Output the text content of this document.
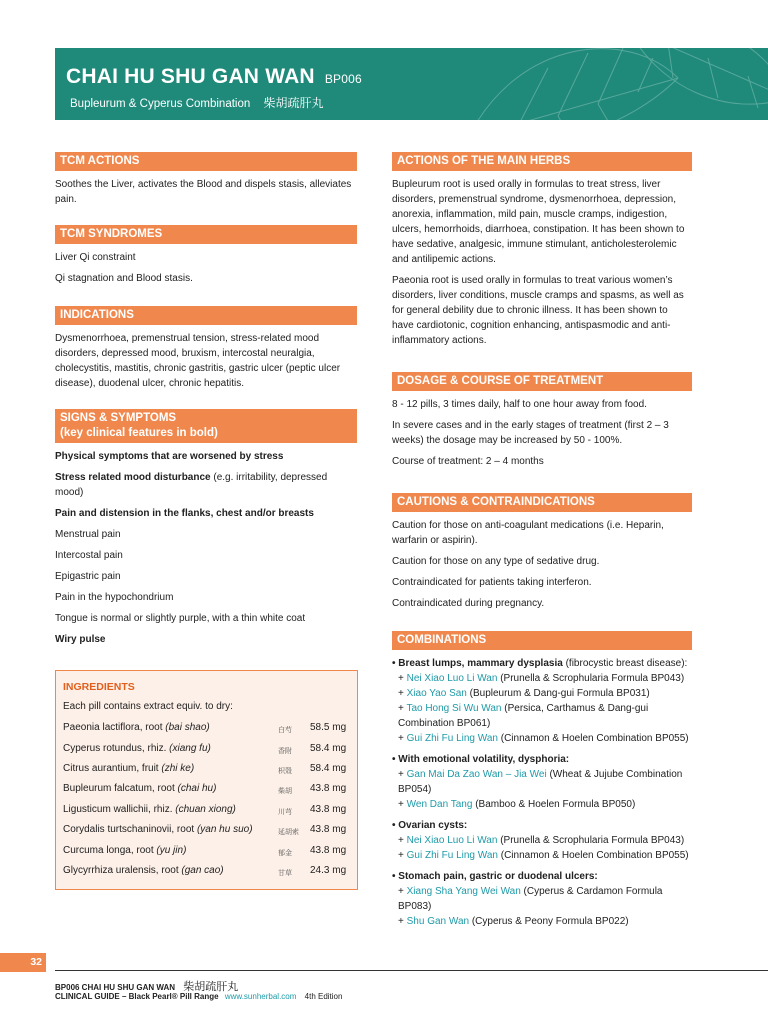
CHAI HU SHU GAN WAN BP006
Bupleurum & Cyperus Combination 柴胡疏肝丸
TCM ACTIONS

Soothes the Liver, activates the Blood and dispels stasis, alleviates pain.

TCM SYNDROMES

Liver Qi constraint

Qi stagnation and Blood stasis.

INDICATIONS

Dysmenorrhoea, premenstrual tension, stress-related mood disorders, depressed mood, bruxism, intercostal neuralgia, cholecystitis, mastitis, chronic gastritis, gastric ulcer (peptic ulcer disease), duodenal ulcer, chronic hepatitis.

SIGNS & SYMPTOMS
(key clinical features in bold)

Physical symptoms that are worsened by stress

Stress related mood disturbance (e.g. irritability, depressed mood)

Pain and distension in the flanks, chest and/or breasts

Menstrual pain

Intercostal pain

Epigastric pain

Pain in the hypochondrium

Tongue is normal or slightly purple, with a thin white coat

Wiry pulse

INGREDIENTS
Each pill contains extract equiv. to dry:
Paeonia lactiflora, root (bai shao)	白芍 58.5 mg
Cyperus rotundus, rhiz. (xiang fu)	香附 58.4 mg
Citrus aurantium, fruit (zhi ke)	枳殼 58.4 mg
Bupleurum falcatum, root (chai hu)	柴胡 43.8 mg
Ligusticum wallichii, rhiz. (chuan xiong)	川芎 43.8 mg
Corydalis turtschaninovii, root (yan hu suo)	延胡索 43.8 mg
Curcuma longa, root (yu jin)	郁金 43.8 mg
Glycyrrhiza uralensis, root (gan cao)	甘草 24.3 mg
ACTIONS OF THE MAIN HERBS

Bupleurum root is used orally in formulas to treat stress, liver disorders, premenstrual syndrome, dysmenorrhoea, depression, anorexia, inflammation, mild pain, muscle cramps, indigestion, ulcers, hemorrhoids, diarrhoea, constipation. It has been shown to have sedative, analgesic, immune stimulant, anticholesterolemic and antilipemic actions.

Paeonia root is used orally in formulas to treat various women’s disorders, liver conditions, muscle cramps and spasms, as well as for general debility due to chronic illness. It has been shown to have cardiotonic, cognition enhancing, antispasmodic and anti-inflammatory actions.

DOSAGE & COURSE OF TREATMENT

8 - 12 pills, 3 times daily, half to one hour away from food.

In severe cases and in the early stages of treatment (first 2 – 3 weeks) the dosage may be increased by 50 - 100%.

Course of treatment: 2 – 4 months

CAUTIONS & CONTRAINDICATIONS

Caution for those on anti-coagulant medications (i.e. Heparin, warfarin or aspirin).

Caution for those on any type of sedative drug.

Contraindicated for patients taking interferon.

Contraindicated during pregnancy.

COMBINATIONS
• Breast lumps, mammary dysplasia (fibrocystic breast disease):
+ Nei Xiao Luo Li Wan (Prunella & Scrophularia Formula BP043)
+ Xiao Yao San (Bupleurum & Dang-gui Formula BP031)
+ Tao Hong Si Wu Wan (Persica, Carthamus & Dang-gui Combination BP061)
+ Gui Zhi Fu Ling Wan (Cinnamon & Hoelen Combination BP055)
• With emotional volatility, dysphoria:
+ Gan Mai Da Zao Wan – Jia Wei (Wheat & Jujube Combination BP054)
+ Wen Dan Tang (Bamboo & Hoelen Formula BP050)
• Ovarian cysts:
+ Nei Xiao Luo Li Wan (Prunella & Scrophularia Formula BP043)
+ Gui Zhi Fu Ling Wan (Cinnamon & Hoelen Combination BP055)
• Stomach pain, gastric or duodenal ulcers:
+ Xiang Sha Yang Wei Wan (Cyperus & Cardamon Formula BP083)
+ Shu Gan Wan (Cyperus & Peony Formula BP022)
32
BP006 CHAI HU SHU GAN WAN 柴胡疏肝丸
CLINICAL GUIDE – Black Pearl® Pill Range www.sunherbal.com 4th Edition
